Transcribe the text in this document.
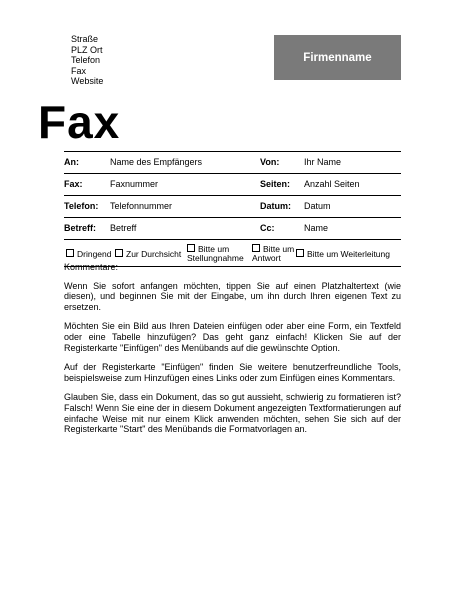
Straße
PLZ Ort
Telefon
Fax
Website
Firmenname
Fax
An:	Name des Empfängers	Von:	Ihr Name
Fax:	Faxnummer	Seiten: Anzahl Seiten
Telefon: Telefonnummer	Datum: Datum
Betreff: Betreff	Cc:	Name
Dringend	Zur Durchsicht	Bitte um
Stellungnahme
Bitte um
Antwort	Bitte um Weiterleitung

Kommentare:

Wenn Sie sofort anfangen möchten, tippen Sie auf einen Platzhaltertext (wie diesen), und beginnen Sie mit der Eingabe, um ihn durch Ihren eigenen Text zu ersetzen.

Möchten Sie ein Bild aus Ihren Dateien einfügen oder aber eine Form, ein Textfeld oder eine Tabelle hinzufügen? Das geht ganz einfach! Klicken Sie auf der Registerkarte "Einfügen" des Menübands auf die gewünschte Option.

Auf der Registerkarte "Einfügen" finden Sie weitere benutzerfreundliche Tools, beispielsweise zum Hinzufügen eines Links oder zum Einfügen eines Kommentars.

Glauben Sie, dass ein Dokument, das so gut aussieht, schwierig zu formatieren ist? Falsch! Wenn Sie eine der in diesem Dokument angezeigten Textformatierungen auf einfache Weise mit nur einem Klick anwenden möchten, sehen Sie sich auf der Registerkarte "Start" des Menübands die Formatvorlagen an.
